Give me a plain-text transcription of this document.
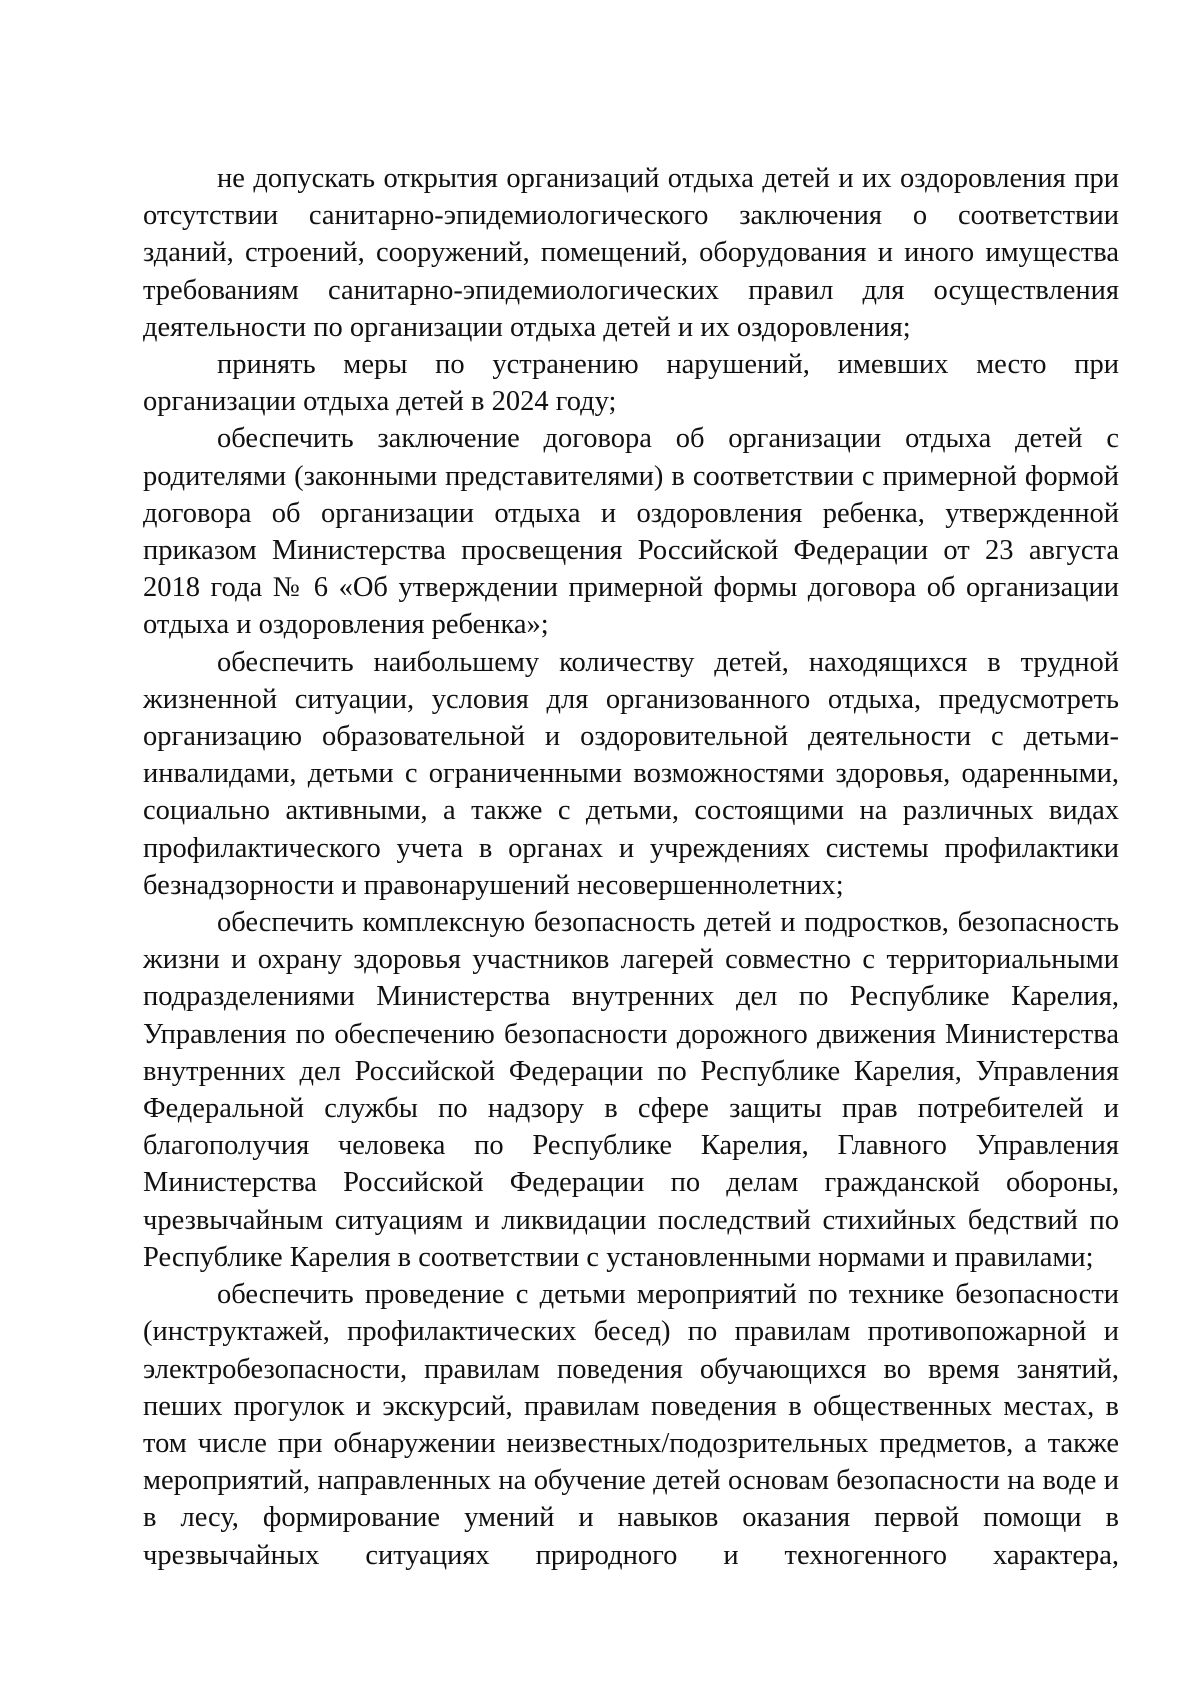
не допускать открытия организаций отдыха детей и их оздоровления при отсутствии санитарно-эпидемиологического заключения о соответствии зданий, строений, сооружений, помещений, оборудования и иного имущества требованиям санитарно-эпидемиологических правил для осуществления деятельности по организации отдыха детей и их оздоровления;

принять меры по устранению нарушений, имевших место при организации отдыха детей в 2024 году;

обеспечить заключение договора об организации отдыха детей с родителями (законными представителями) в соответствии с примерной формой договора об организации отдыха и оздоровления ребенка, утвержденной приказом Министерства просвещения Российской Федерации от 23 августа 2018 года № 6 «Об утверждении примерной формы договора об организации отдыха и оздоровления ребенка»;

обеспечить наибольшему количеству детей, находящихся в трудной жизненной ситуации, условия для организованного отдыха, предусмотреть организацию образовательной и оздоровительной деятельности с детьми-инвалидами, детьми с ограниченными возможностями здоровья, одаренными, социально активными, а также с детьми, состоящими на различных видах профилактического учета в органах и учреждениях системы профилактики безнадзорности и правонарушений несовершеннолетних;

обеспечить комплексную безопасность детей и подростков, безопасность жизни и охрану здоровья участников лагерей совместно с территориальными подразделениями Министерства внутренних дел по Республике Карелия, Управления по обеспечению безопасности дорожного движения Министерства внутренних дел Российской Федерации по Республике Карелия, Управления Федеральной службы по надзору в сфере защиты прав потребителей и благополучия человека по Республике Карелия, Главного Управления Министерства Российской Федерации по делам гражданской обороны, чрезвычайным ситуациям и ликвидации последствий стихийных бедствий по Республике Карелия в соответствии с установленными нормами и правилами;

обеспечить проведение с детьми мероприятий по технике безопасности (инструктажей, профилактических бесед) по правилам противопожарной и электробезопасности, правилам поведения обучающихся во время занятий, пеших прогулок и экскурсий, правилам поведения в общественных местах, в том числе при обнаружении неизвестных/подозрительных предметов, а также мероприятий, направленных на обучение детей основам безопасности на воде и в лесу, формирование умений и навыков оказания первой помощи в чрезвычайных ситуациях природного и техногенного характера,
